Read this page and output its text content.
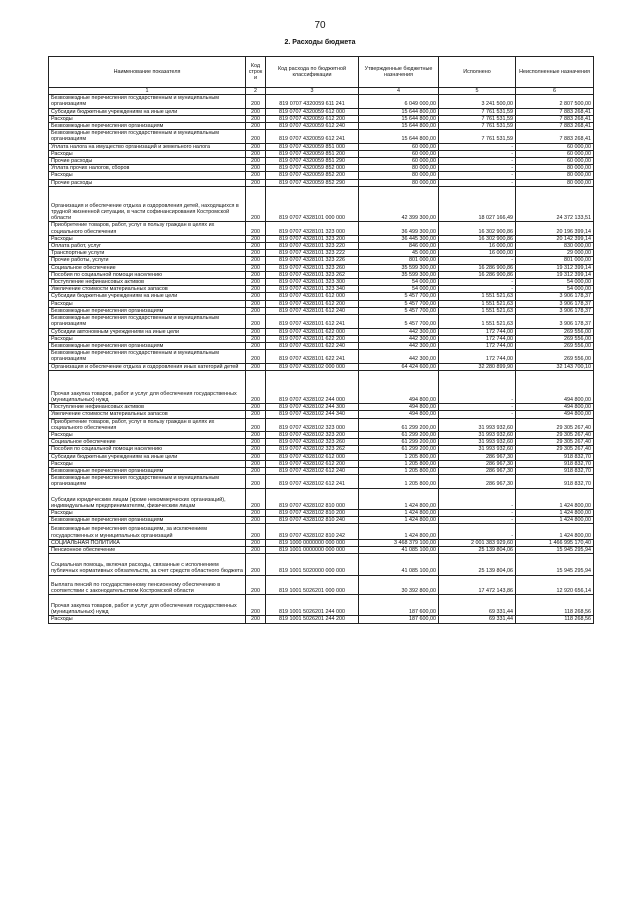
70
2. Расходы бюджета
Наименование показателя	Код строк и	Код расхода по бюджетной классификации	Утвержденные бюджетные назначения	Исполнено	Неисполненные назначения
1	2	3	4	5	6
Безвозмездные перечисления государственным и муниципальным организациям	200	819 0707 4320059 611 241	6 049 000,00	3 241 500,00	2 807 500,00
Субсидии бюджетным учреждениям на иные цели	200	819 0707 4320059 612 000	15 644 800,00	7 761 531,59	7 883 268,41
Расходы	200	819 0707 4320059 612 200	15 644 800,00	7 761 531,59	7 883 268,41
Безвозмездные перечисления организациям	200	819 0707 4320059 612 240	15 644 800,00	7 761 531,59	7 883 268,41
Безвозмездные перечисления государственным и муниципальным организациям	200	819 0707 4320059 612 241	15 644 800,00	7 761 531,59	7 883 268,41
Уплата налога на имущество организаций и земельного налога	200	819 0707 4320059 851 000	60 000,00	-	60 000,00
Расходы	200	819 0707 4320059 851 200	60 000,00	-	60 000,00
Прочие расходы	200	819 0707 4320059 851 290	60 000,00	-	60 000,00
Уплата прочих налогов, сборов	200	819 0707 4320059 852 000	80 000,00	-	80 000,00
Расходы	200	819 0707 4320059 852 200	80 000,00	-	80 000,00
Прочие расходы	200	819 0707 4320059 852 290	80 000,00	-	80 000,00
Организация и обеспечение отдыха и оздоровления детей, находящихся в трудной жизненной ситуации, в части софинансирования Костромской области	200	819 0707 4328101 000 000	42 399 300,00	18 027 166,49	24 372 133,51
Приобретение товаров, работ, услуг в пользу граждан в целях их социального обеспечения	200	819 0707 4328101 323 000	36 499 300,00	16 302 900,86	20 196 399,14
Расходы	200	819 0707 4328101 323 200	36 445 300,00	16 302 900,86	20 142 399,14
Оплата работ, услуг	200	819 0707 4328101 323 220	846 000,00	16 000,00	830 000,00
Транспортные услуги	200	819 0707 4328101 323 222	45 000,00	16 000,00	29 000,00
Прочие работы, услуги	200	819 0707 4328101 323 226	801 000,00	-	801 000,00
Социальное обеспечение	200	819 0707 4328101 323 260	35 599 300,00	16 286 900,86	19 312 399,14
Пособия по социальной помощи населению	200	819 0707 4328101 323 262	35 599 300,00	16 286 900,86	19 312 399,14
Поступление нефинансовых активов	200	819 0707 4328101 323 300	54 000,00	-	54 000,00
Увеличение стоимости материальных запасов	200	819 0707 4328101 323 340	54 000,00	-	54 000,00
Субсидии бюджетным учреждениям на иные цели	200	819 0707 4328101 612 000	5 457 700,00	1 551 521,63	3 906 178,37
Расходы	200	819 0707 4328101 612 200	5 457 700,00	1 551 521,63	3 906 178,37
Безвозмездные перечисления организациям	200	819 0707 4328101 612 240	5 457 700,00	1 551 521,63	3 906 178,37
Безвозмездные перечисления государственным и муниципальным организациям	200	819 0707 4328101 612 241	5 457 700,00	1 551 521,63	3 906 178,37
Субсидии автономным учреждениям на иные цели	200	819 0707 4328101 622 000	442 300,00	172 744,00	269 556,00
Расходы	200	819 0707 4328101 622 200	442 300,00	172 744,00	269 556,00
Безвозмездные перечисления организациям	200	819 0707 4328101 622 240	442 300,00	172 744,00	269 556,00
Безвозмездные перечисления государственным и муниципальным организациям	200	819 0707 4328101 622 241	442 300,00	172 744,00	269 556,00
Организация и обеспечение отдыха и оздоровления иных категорий детей	200	819 0707 4328102 000 000	64 424 600,00	32 280 899,90	32 143 700,10
Прочая закупка товаров, работ и услуг для обеспечения государственных (муниципальных) нужд	200	819 0707 4328102 244 000	494 800,00	-	494 800,00
Поступление нефинансовых активов	200	819 0707 4328102 244 300	494 800,00	-	494 800,00
Увеличение стоимости материальных запасов	200	819 0707 4328102 244 340	494 800,00	-	494 800,00
Приобретение товаров, работ, услуг в пользу граждан в целях их социального обеспечения	200	819 0707 4328102 323 000	61 299 200,00	31 993 932,60	29 305 267,40
Расходы	200	819 0707 4328102 323 200	61 299 200,00	31 993 932,60	29 305 267,40
Социальное обеспечение	200	819 0707 4328102 323 260	61 299 200,00	31 993 932,60	29 305 267,40
Пособия по социальной помощи населению	200	819 0707 4328102 323 262	61 299 200,00	31 993 932,60	29 305 267,40
Субсидии бюджетным учреждениям на иные цели	200	819 0707 4328102 612 000	1 205 800,00	286 967,30	918 832,70
Расходы	200	819 0707 4328102 612 200	1 205 800,00	286 967,30	918 832,70
Безвозмездные перечисления организациям	200	819 0707 4328102 612 240	1 205 800,00	286 967,30	918 832,70
Безвозмездные перечисления государственным и муниципальным организациям	200	819 0707 4328102 612 241	1 205 800,00	286 967,30	918 832,70
Субсидии юридическим лицам (кроме некоммерческих организаций), индивидуальным предпринимателям, физическим лицам	200	819 0707 4328102 810 000	1 424 800,00	-	1 424 800,00
Расходы	200	819 0707 4328102 810 200	1 424 800,00	-	1 424 800,00
Безвозмездные перечисления организациям	200	819 0707 4328102 810 240	1 424 800,00	-	1 424 800,00
Безвозмездные перечисления организациям, за исключением государственных и муниципальных организаций	200	819 0707 4328102 810 242	1 424 800,00	-	1 424 800,00
СОЦИАЛЬНАЯ ПОЛИТИКА	200	819 1000 0000000 000 000	3 468 379 100,00	2 001 383 929,60	1 466 995 170,40
Пенсионное обеспечение	200	819 1001 0000000 000 000	41 085 100,00	25 139 804,06	15 945 295,94
Социальная помощь, включая расходы, связанные с исполнением публичных нормативных обязательств, за счет средств областного бюджета	200	819 1001 5020000 000 000	41 085 100,00	25 139 804,06	15 945 295,94
Выплата пенсий по государственному пенсионному обеспечению в соответствии с законодательством Костромской области	200	819 1001 5026201 000 000	30 392 800,00	17 472 143,86	12 920 656,14
Прочая закупка товаров, работ и услуг для обеспечения государственных (муниципальных) нужд	200	819 1001 5026201 244 000	187 600,00	69 331,44	118 268,56
Расходы	200	819 1001 5026201 244 200	187 600,00	69 331,44	118 268,56
